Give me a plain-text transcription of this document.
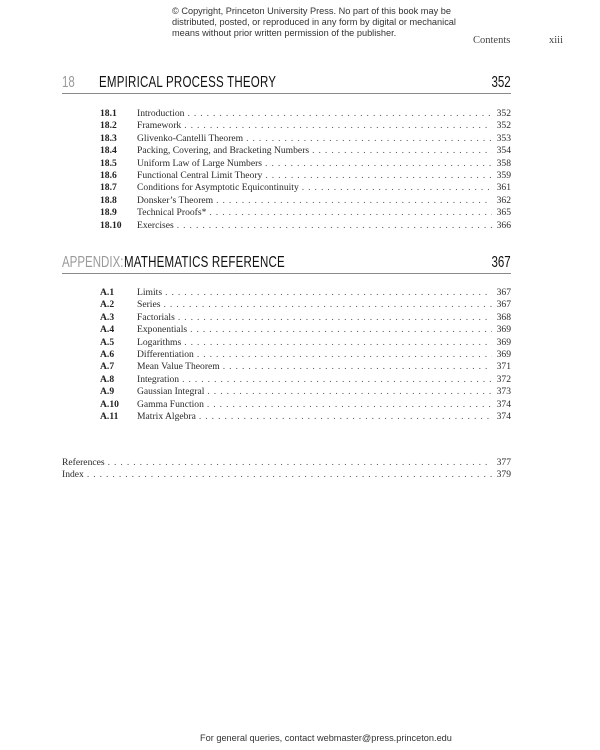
© Copyright, Princeton University Press. No part of this book may be
distributed, posted, or reproduced in any form by digital or mechanical
means without prior written permission of the publisher.
Contents	xiii
18 EMPIRICAL PROCESS THEORY	352
18.1	Introduction . . .	352
18.2	Framework . . .	352
18.3	Glivenko-Cantelli Theorem . . .	353
18.4	Packing, Covering, and Bracketing Numbers . . .	354
18.5	Uniform Law of Large Numbers . . .	358
18.6	Functional Central Limit Theory . . .	359
18.7	Conditions for Asymptotic Equicontinuity . . .	361
18.8	Donsker’s Theorem . . .	362
18.9	Technical Proofs* . . .	365
18.10	Exercises . . .	366
APPENDIX: MATHEMATICS REFERENCE	367
A.1	Limits . . .	367
A.2	Series . . .	367
A.3	Factorials . . .	368
A.4	Exponentials . . .	369
A.5	Logarithms . . .	369
A.6	Differentiation . . .	369
A.7	Mean Value Theorem . . .	371
A.8	Integration . . .	372
A.9	Gaussian Integral . . .	373
A.10	Gamma Function . . .	374
A.11	Matrix Algebra . . .	374
References . . .	377
Index . . .	379
For general queries, contact webmaster@press.princeton.edu
